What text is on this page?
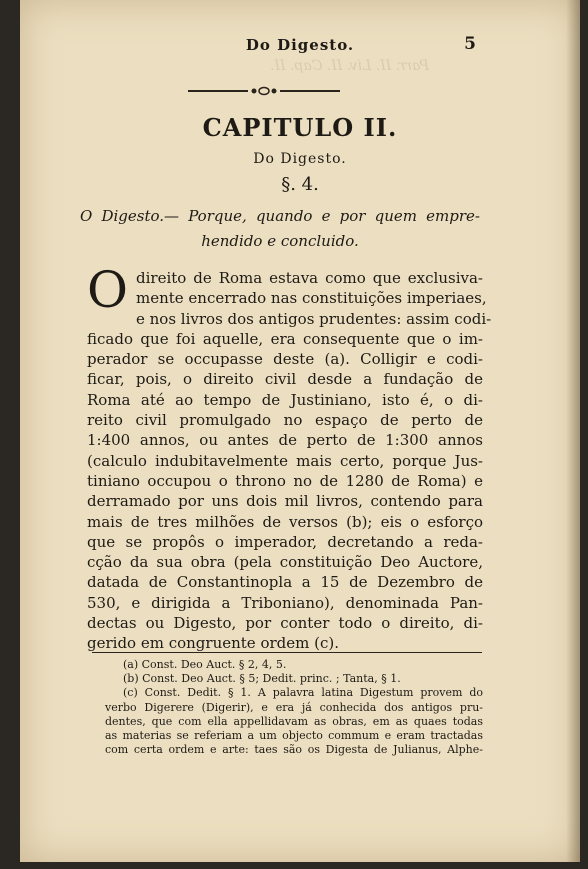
Parr. II. Liv. II. Cap. II.
Do Digesto.	5
CAPITULO II.
Do Digesto.
§. 4.
O Digesto.— Porque, quando e por quem empre-
hendido e concluido.
O direito de Roma estava como que exclusiva-
mente encerrado nas constituições imperiaes,
e nos livros dos antigos prudentes: assim codi-
ficado que foi aquelle, era consequente que o im-
perador se occupasse deste (a). Colligir e codi-
ficar, pois, o direito civil desde a fundação de
Roma até ao tempo de Justiniano, isto é, o di-
reito civil promulgado no espaço de perto de
1:400 annos, ou antes de perto de 1:300 annos
(calculo indubitavelmente mais certo, porque Jus-
tiniano occupou o throno no de 1280 de Roma) e
derramado por uns dois mil livros, contendo para
mais de tres milhões de versos (b); eis o esforço
que se propôs o imperador, decretando a reda-
cção da sua obra (pela constituição Deo Auctore,
datada de Constantinopla a 15 de Dezembro de
530, e dirigida a Triboniano), denominada Pan-
dectas ou Digesto, por conter todo o direito, di-
gerido em congruente ordem (c).
(a) Const. Deo Auct. § 2, 4, 5.
(b) Const. Deo Auct. § 5; Dedit. princ. ; Tanta, § 1.
(c) Const. Dedit. § 1. A palavra latina Digestum provem do
verbo Digerere (Digerir), e era já conhecida dos antigos pru-
dentes, que com ella appellidavam as obras, em as quaes todas
as materias se referiam a um objecto commum e eram tractadas
com certa ordem e arte: taes são os Digesta de Julianus, Alphe-
